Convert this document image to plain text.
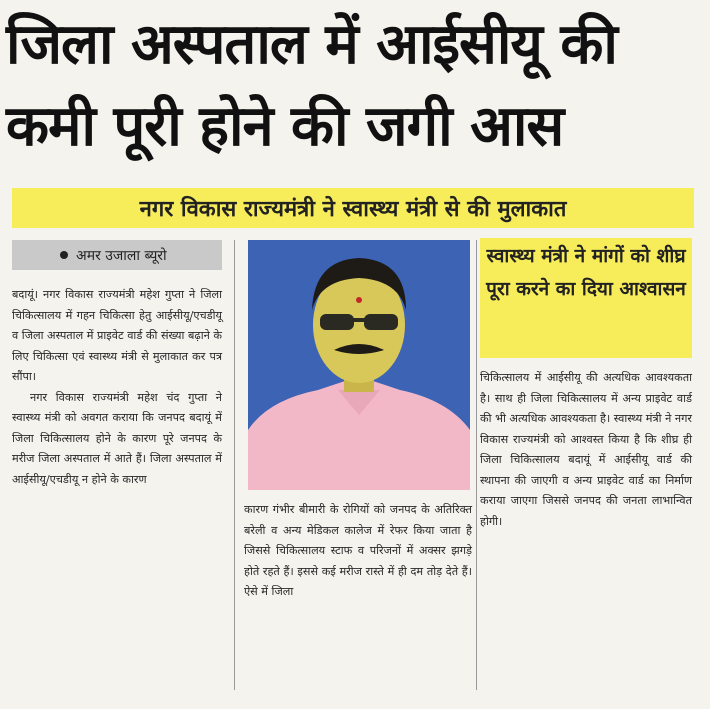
जिला अस्पताल में आईसीयू की
कमी पूरी होने की जगी आस
नगर विकास राज्यमंत्री ने स्वास्थ्य मंत्री से की मुलाकात
अमर उजाला ब्यूरो
बदायूं। नगर विकास राज्यमंत्री महेश गुप्ता ने जिला चिकित्सालय में गहन चिकित्सा हेतु आईसीयू/एचडीयू व जिला अस्पताल में प्राइवेट वार्ड की संख्या बढ़ाने के लिए चिकित्सा एवं स्वास्थ्य मंत्री से मुलाकात कर पत्र सौंपा।
नगर विकास राज्यमंत्री महेश चंद गुप्ता ने स्वास्थ्य मंत्री को अवगत कराया कि जनपद बदायूं में जिला चिकित्सालय होने के कारण पूरे जनपद के मरीज जिला अस्पताल में आते हैं। जिला अस्पताल में आईसीयू/एचडीयू न होने के कारण
कारण गंभीर बीमारी के रोगियों को जनपद के अतिरिक्त बरेली व अन्य मेडिकल कालेज में रेफर किया जाता है जिससे चिकित्सालय स्टाफ व परिजनों में अक्सर झगड़े होते रहते हैं। इससे कई मरीज रास्ते में ही दम तोड़ देते हैं। ऐसे में जिला
स्वास्थ्य मंत्री ने मांगों को शीघ्र पूरा करने का दिया आश्वासन
चिकित्सालय में आईसीयू की अत्यधिक आवश्यकता है। साथ ही जिला चिकित्सालय में अन्य प्राइवेट वार्ड की भी अत्यधिक आवश्यकता है। स्वास्थ्य मंत्री ने नगर विकास राज्यमंत्री को आश्वस्त किया है कि शीघ्र ही जिला चिकित्सालय बदायूं में आईसीयू वार्ड की स्थापना की जाएगी व अन्य प्राइवेट वार्ड का निर्माण कराया जाएगा जिससे जनपद की जनता लाभान्वित होगी।
